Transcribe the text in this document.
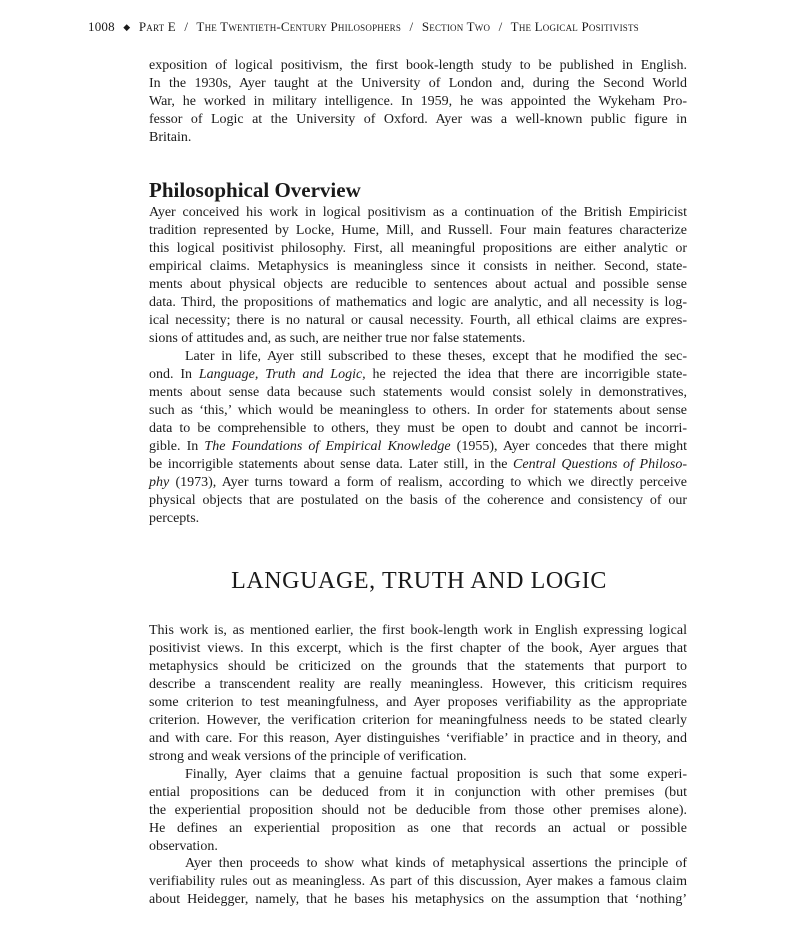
1008 ◆ Part E / The Twentieth-Century Philosophers / Section Two / The Logical Positivists
exposition of logical positivism, the first book-length study to be published in English.
In the 1930s, Ayer taught at the University of London and, during the Second World
War, he worked in military intelligence. In 1959, he was appointed the Wykeham Pro-
fessor of Logic at the University of Oxford. Ayer was a well-known public figure in
Britain.
Philosophical Overview
Ayer conceived his work in logical positivism as a continuation of the British Empiricist
tradition represented by Locke, Hume, Mill, and Russell. Four main features characterize
this logical positivist philosophy. First, all meaningful propositions are either analytic or
empirical claims. Metaphysics is meaningless since it consists in neither. Second, state-
ments about physical objects are reducible to sentences about actual and possible sense
data. Third, the propositions of mathematics and logic are analytic, and all necessity is log-
ical necessity; there is no natural or causal necessity. Fourth, all ethical claims are expres-
sions of attitudes and, as such, are neither true nor false statements.
Later in life, Ayer still subscribed to these theses, except that he modified the sec-
ond. In Language, Truth and Logic, he rejected the idea that there are incorrigible state-
ments about sense data because such statements would consist solely in demonstratives,
such as ‘this,’ which would be meaningless to others. In order for statements about sense
data to be comprehensible to others, they must be open to doubt and cannot be incorri-
gible. In The Foundations of Empirical Knowledge (1955), Ayer concedes that there might
be incorrigible statements about sense data. Later still, in the Central Questions of Philoso-
phy (1973), Ayer turns toward a form of realism, according to which we directly perceive
physical objects that are postulated on the basis of the coherence and consistency of our
percepts.
LANGUAGE, TRUTH AND LOGIC
This work is, as mentioned earlier, the first book-length work in English expressing logical
positivist views. In this excerpt, which is the first chapter of the book, Ayer argues that
metaphysics should be criticized on the grounds that the statements that purport to
describe a transcendent reality are really meaningless. However, this criticism requires
some criterion to test meaningfulness, and Ayer proposes verifiability as the appropriate
criterion. However, the verification criterion for meaningfulness needs to be stated clearly
and with care. For this reason, Ayer distinguishes ‘verifiable’ in practice and in theory, and
strong and weak versions of the principle of verification.
Finally, Ayer claims that a genuine factual proposition is such that some experi-
ential propositions can be deduced from it in conjunction with other premises (but
the experiential proposition should not be deducible from those other premises alone).
He defines an experiential proposition as one that records an actual or possible
observation.
Ayer then proceeds to show what kinds of metaphysical assertions the principle of
verifiability rules out as meaningless. As part of this discussion, Ayer makes a famous claim
about Heidegger, namely, that he bases his metaphysics on the assumption that ‘nothing’
